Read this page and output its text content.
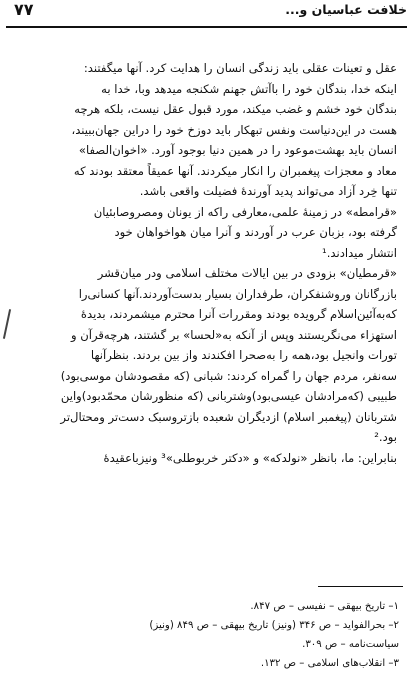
خلافت عباسیان و...
۷۷

عقل و تعینات عقلی باید زندگی انسان را هدایت کرد. آنها میگفتند:

اینکه خدا، بندگان خود را باآتش جهنم شکنجه میدهد وبا، خدا به

بندگان خود خشم و غضب میکند، مورد قبول عقل نیست، بلکه هرچه

هست در این‌دنیاست ونفس تبهکار باید دوزخ خود را دراین جهان‌ببیند،

انسان باید بهشت‌موعود را در همین دنیا بوجود آورد. «اخوان‌الصفا»

معاد و معجزات پیغمبران را انکار میکردند. آنها عمیقاً معتقد بودند که

تنها خِرد آزاد می‌تواند پدید آورندهٔ فضیلت واقعی باشد.

«قرامطه» در زمینهٔ علمی،معارفی راکه از یونان ومصروصابئیان

گرفته بود، بزبان عرب در آوردند و آنرا میان هواخواهان خود

انتشار میدادند.¹

«قرمطیان» بزودی در بین ایالات مختلف اسلامی ودر میان‌قشر

بازرگانان وروشنفکران، طرفداران بسیار بدست‌آوردند.آنها کسانی‌را

که‌به‌آئین‌اسلام گرویده بودند ومقررات آنرا محترم میشمردند، بدیدهٔ

استهزاء می‌نگریستند وپس از آنکه به«لحسا» بر گشتند، هرچه‌قرآن و

تورات وانجیل بود،همه را به‌صحرا افکندند واز بین بردند. بنظر‌آنها

سه‌نفر، مردم جهان را گمراه کردند: شبانی (که مقصودشان موسی‌بود)

طبیبی (که‌مرادشان عیسی‌بود)وشتربانی (که منظورشان محمّدبود)واین

شتربانان (پیغمبر اسلام) ازدیگران شعبده بازتروسبک دست‌تر ومحتال‌تر

بود.²

بنابراین: ما، بانظر «نولدکه» و «دکتر خربوطلی»³ ونیزباعقیدهٔ

۱– تاریخ بیهقی – نفیسی – ص ۸۴۷.

۲– بحرالفواید – ص ۳۴۶ (ونیز) تاریخ بیهقی – ص ۸۴۹ (ونیز)

سیاست‌نامه – ص ۳۰۹.

۳– انقلاب‌های اسلامی – ص ۱۳۲.
